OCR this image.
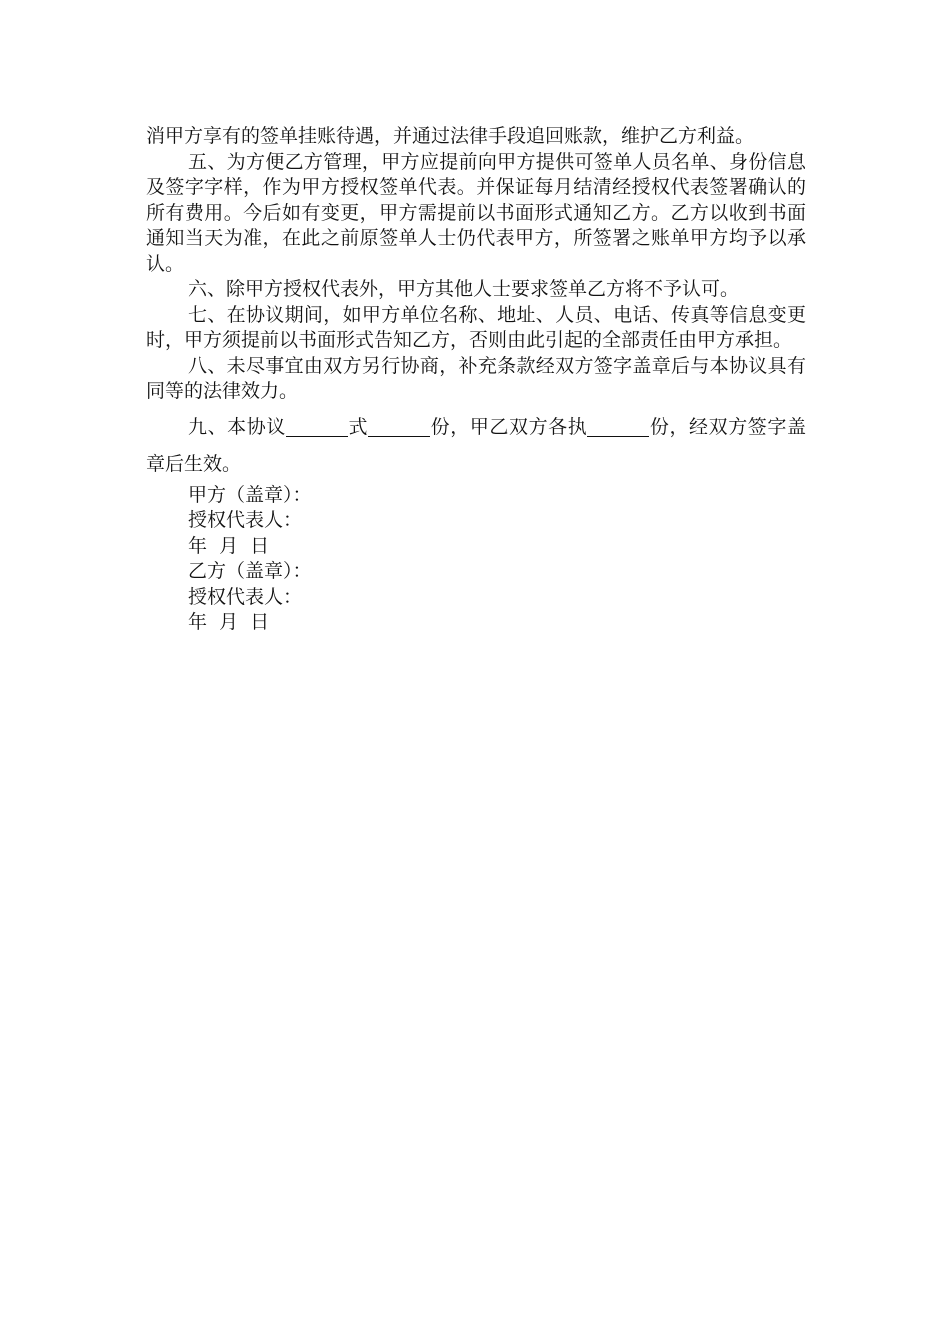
消甲方享有的签单挂账待遇，并通过法律手段追回账款，维护乙方利益。

五、为方便乙方管理，甲方应提前向甲方提供可签单人员名单、身份信息及签字字样，作为甲方授权签单代表。并保证每月结清经授权代表签署确认的所有费用。今后如有变更，甲方需提前以书面形式通知乙方。乙方以收到书面通知当天为准，在此之前原签单人士仍代表甲方，所签署之账单甲方均予以承认。

六、除甲方授权代表外，甲方其他人士要求签单乙方将不予认可。

七、在协议期间，如甲方单位名称、地址、人员、电话、传真等信息变更时，甲方须提前以书面形式告知乙方，否则由此引起的全部责任由甲方承担。

八、未尽事宜由双方另行协商，补充条款经双方签字盖章后与本协议具有同等的法律效力。

九、本协议	式	份，甲乙双方各执	份，经双方签字盖章后生效。

甲方（盖章）：

授权代表人：

年  月  日

乙方（盖章）：

授权代表人：

年  月  日
